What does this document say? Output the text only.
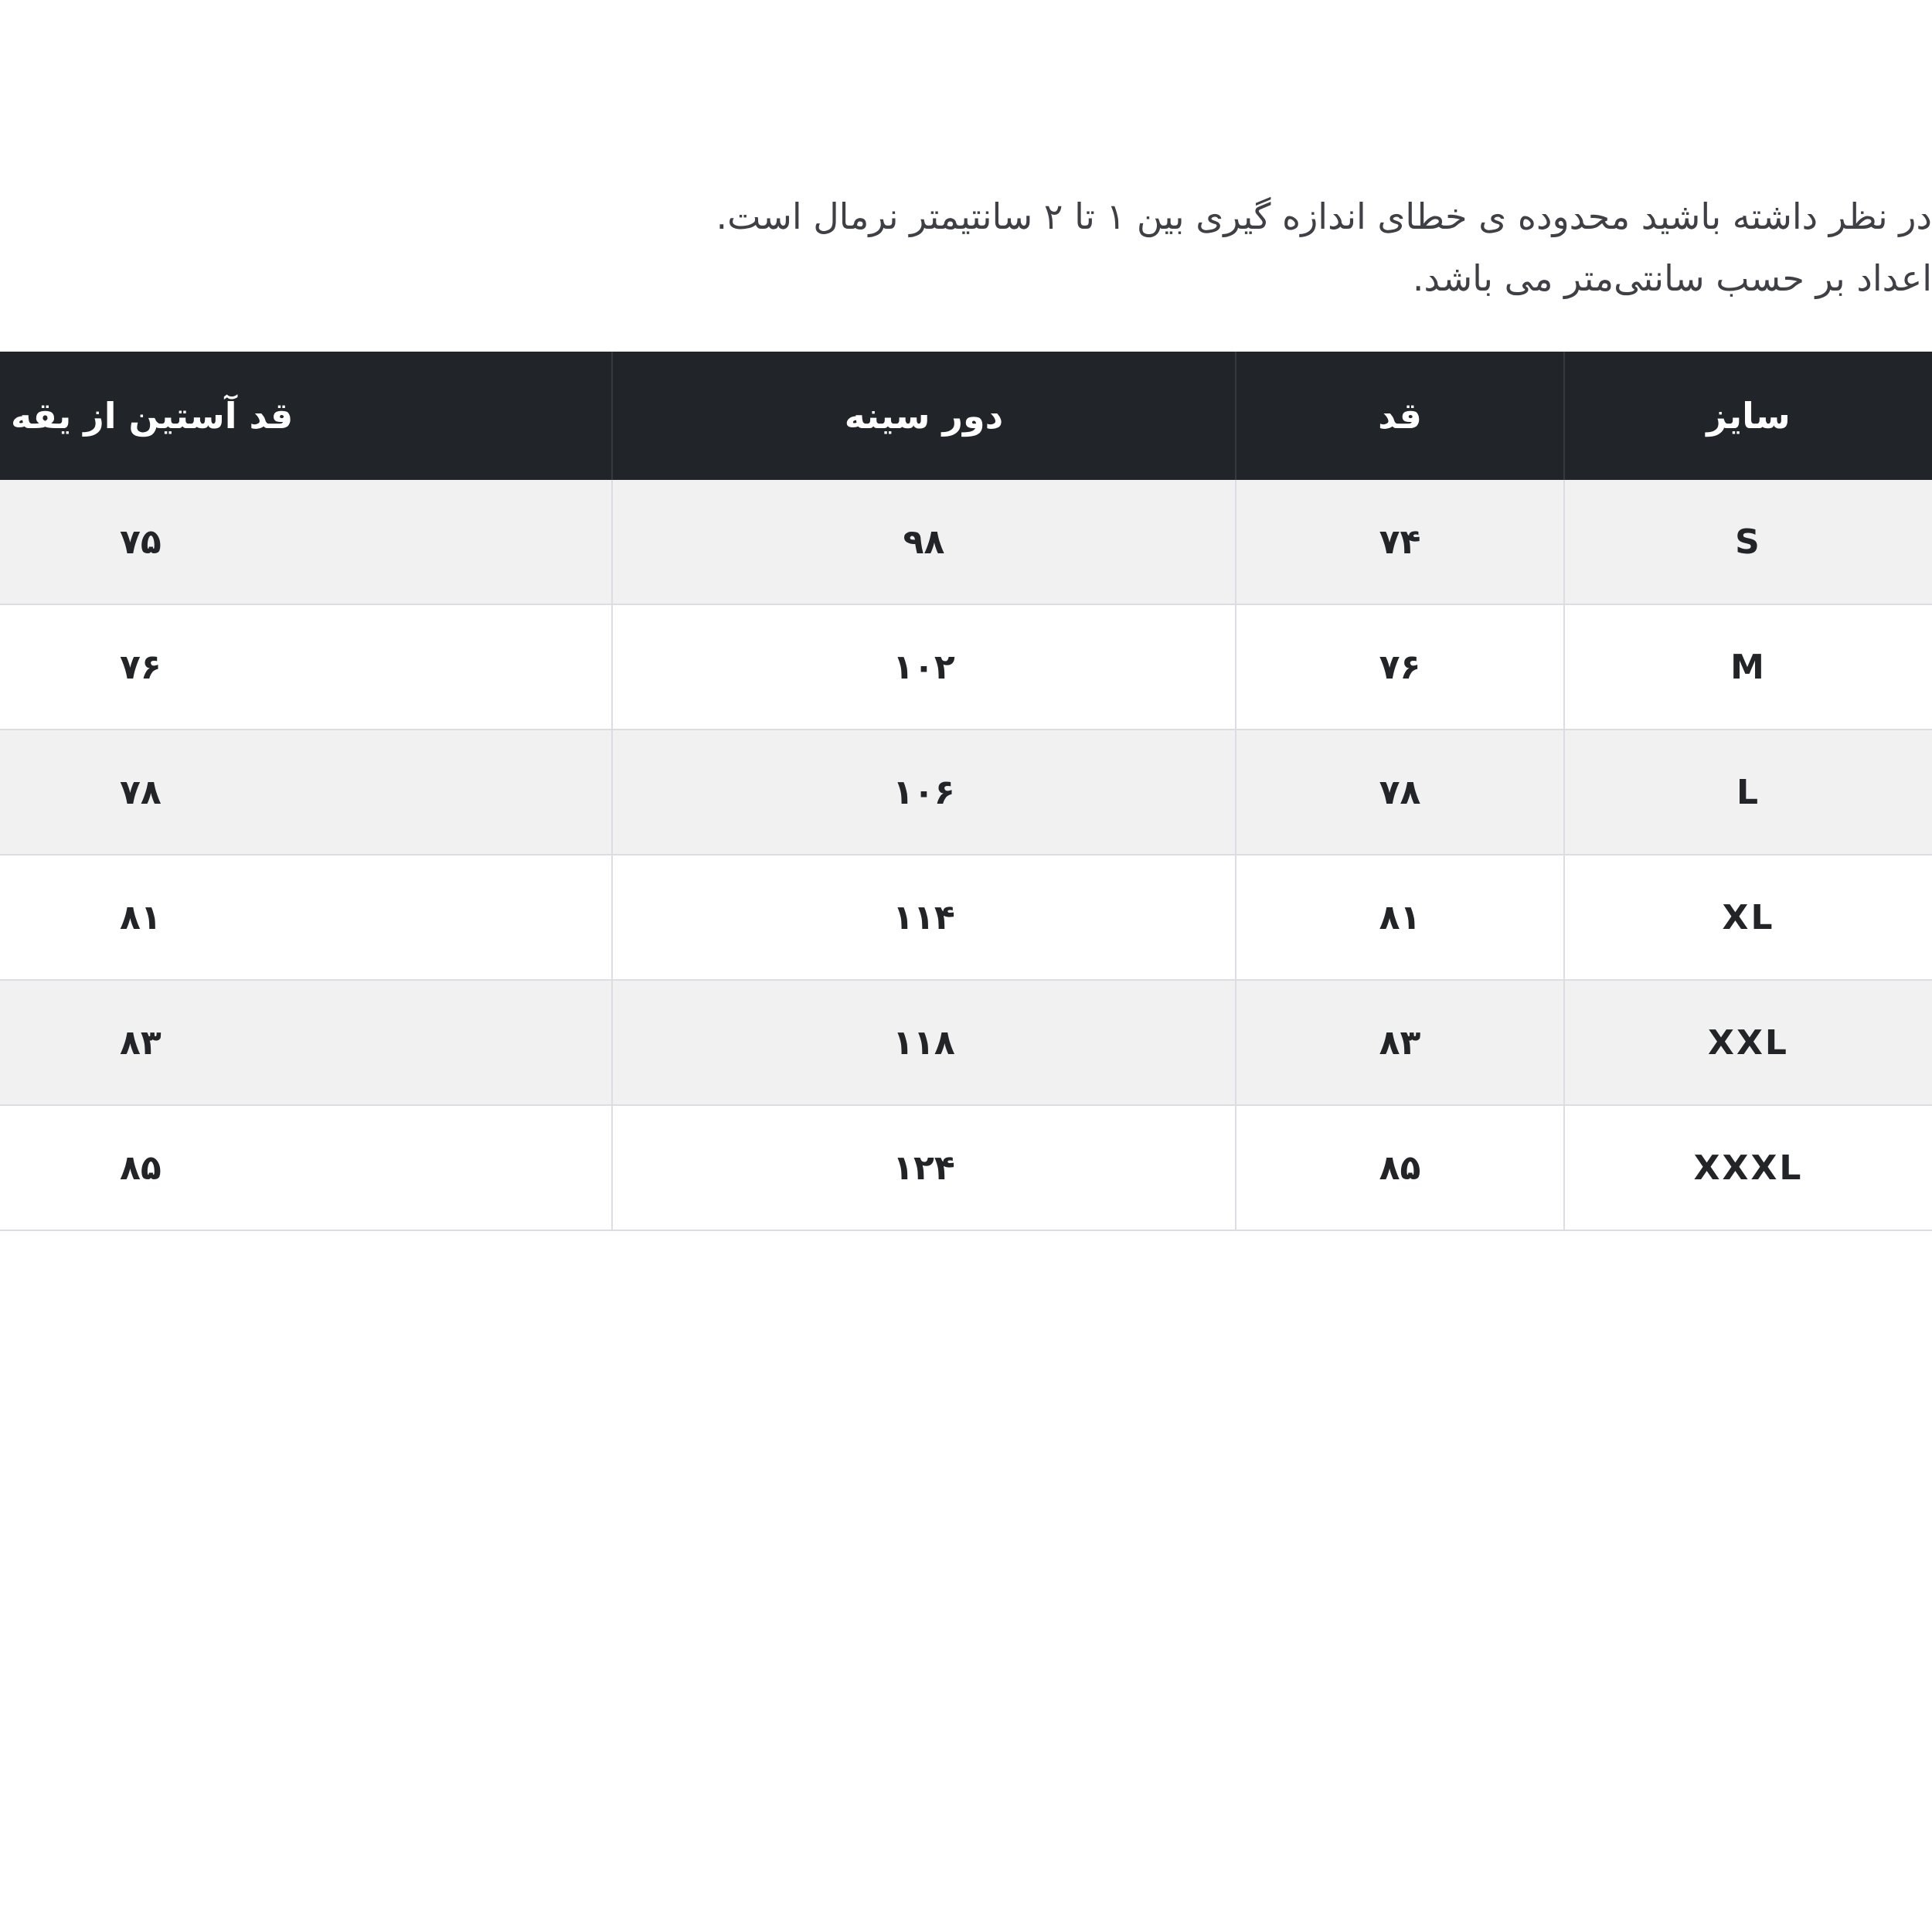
در نظر داشته باشید محدوده ی خطای اندازه گیری بین ۱ تا ۲ سانتیمتر نرمال است.
اعداد بر حسب سانتی‌متر می باشد.
سایز	قد	دور سینه	قد آستین از یقه
S	۷۴	۹۸	۷۵
M	۷۶	۱۰۲	۷۶
L	۷۸	۱۰۶	۷۸
XL	۸۱	۱۱۴	۸۱
XXL	۸۳	۱۱۸	۸۳
XXXL	۸۵	۱۲۴	۸۵
